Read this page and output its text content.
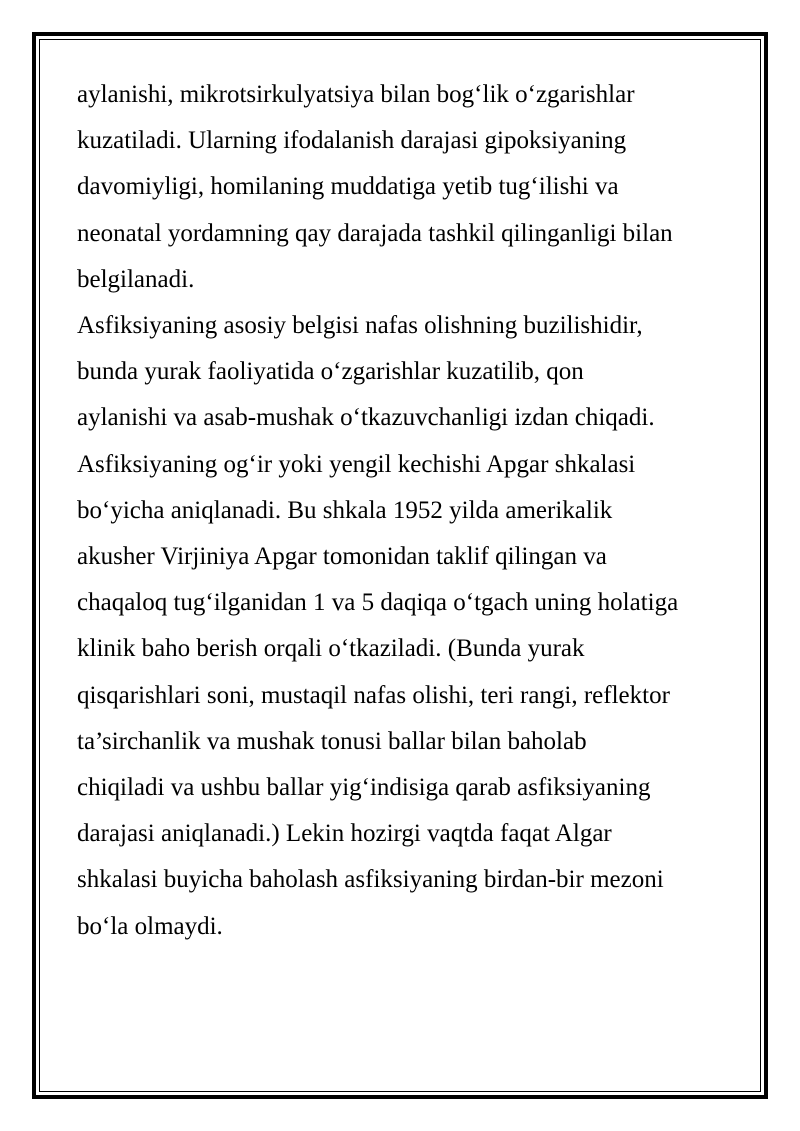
aylanishi, mikrotsirkulyatsiya bilan bog‘lik o‘zgarishlar
kuzatiladi. Ularning ifodalanish darajasi gipoksiyaning
davomiyligi, homilaning muddatiga yetib tug‘ilishi va
neonatal yordamning qay darajada tashkil qilinganligi bilan
belgilanadi.
Asfiksiyaning asosiy belgisi nafas olishning buzilishidir,
bunda yurak faoliyatida o‘zgarishlar kuzatilib, qon
aylanishi va asab-mushak o‘tkazuvchanligi izdan chiqadi.
Asfiksiyaning og‘ir yoki yengil kechishi Apgar shkalasi
bo‘yicha aniqlanadi. Bu shkala 1952 yilda amerikalik
akusher Virjiniya Apgar tomonidan taklif qilingan va
chaqaloq tug‘ilganidan 1 va 5 daqiqa o‘tgach uning holatiga
klinik baho berish orqali o‘tkaziladi. (Bunda yurak
qisqarishlari soni, mustaqil nafas olishi, teri rangi, reflektor
ta’sirchanlik va mushak tonusi ballar bilan baholab
chiqiladi va ushbu ballar yig‘indisiga qarab asfiksiyaning
darajasi aniqlanadi.) Lekin hozirgi vaqtda faqat Algar
shkalasi buyicha baholash asfiksiyaning birdan-bir mezoni
bo‘la olmaydi.
